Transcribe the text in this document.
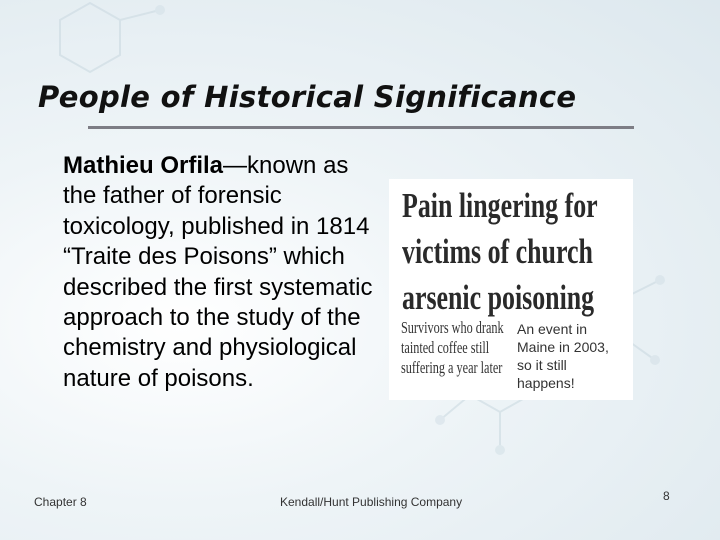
People of Historical Significance
Mathieu Orfila—known as the father of forensic toxicology, published in 1814 “Traite des Poisons” which described the first systematic approach to the study of the chemistry and physiological nature of poisons.
Pain lingering for
victims of church
arsenic poisoning
Survivors who drank
tainted coffee still
suffering a year later
An event in
Maine in 2003,
so it still
happens!
Chapter 8	Kendall/Hunt Publishing Company	8
